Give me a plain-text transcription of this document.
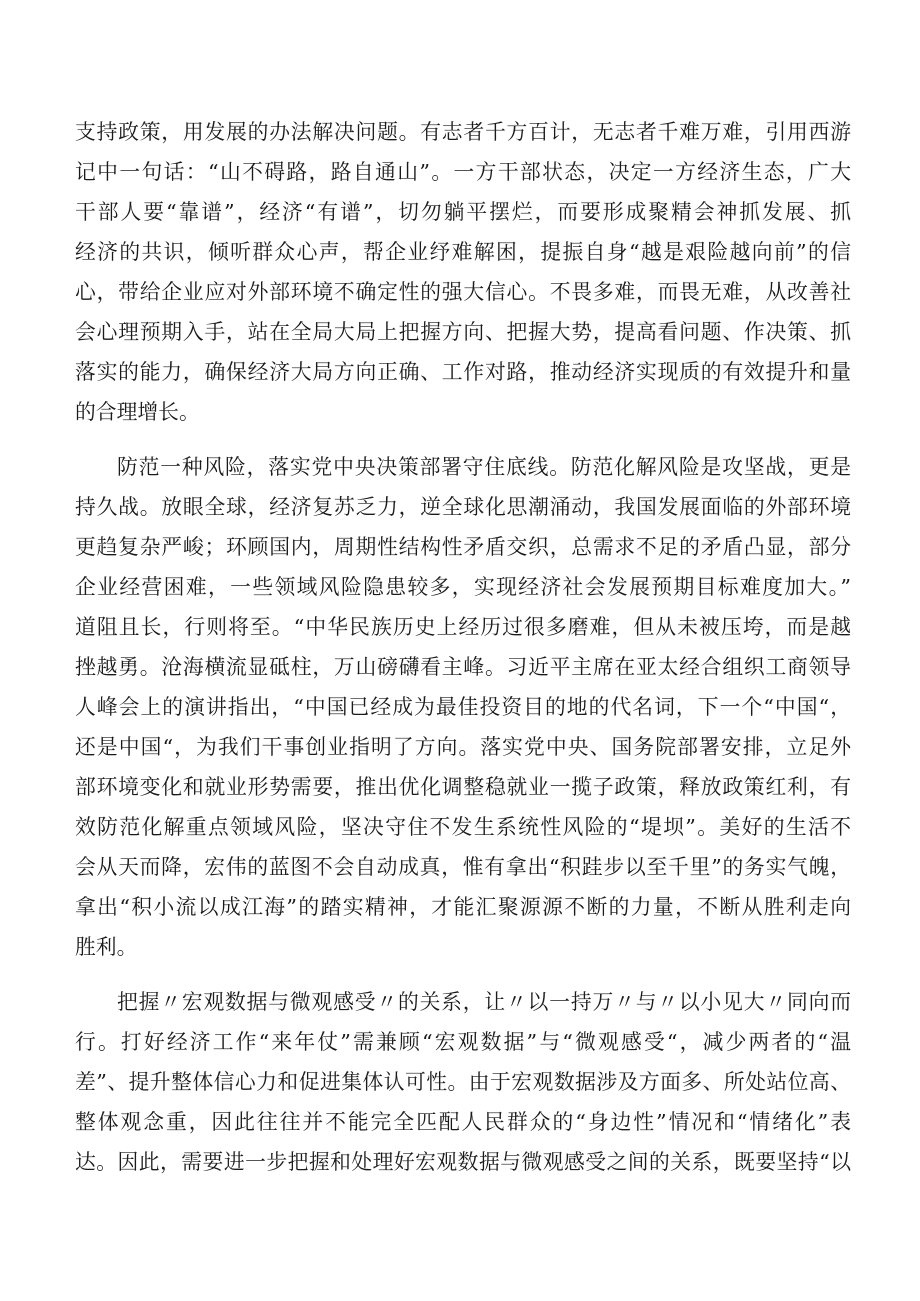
支持政策，用发展的办法解决问题。有志者千方百计，无志者千难万难，引用西游
记中一句话：“山不碍路，路自通山”。一方干部状态，决定一方经济生态，广大
干部人要“靠谱”，经济“有谱”，切勿躺平摆烂，而要形成聚精会神抓发展、抓
经济的共识，倾听群众心声，帮企业纾难解困，提振自身“越是艰险越向前”的信
心，带给企业应对外部环境不确定性的强大信心。不畏多难，而畏无难，从改善社
会心理预期入手，站在全局大局上把握方向、把握大势，提高看问题、作决策、抓
落实的能力，确保经济大局方向正确、工作对路，推动经济实现质的有效提升和量
的合理增长。
防范一种风险，落实党中央决策部署守住底线。防范化解风险是攻坚战，更是
持久战。放眼全球，经济复苏乏力，逆全球化思潮涌动，我国发展面临的外部环境
更趋复杂严峻；环顾国内，周期性结构性矛盾交织，总需求不足的矛盾凸显，部分
企业经营困难，一些领域风险隐患较多，实现经济社会发展预期目标难度加大。”
道阻且长，行则将至。“中华民族历史上经历过很多磨难，但从未被压垮，而是越
挫越勇。沧海横流显砥柱，万山磅礴看主峰。习近平主席在亚太经合组织工商领导
人峰会上的演讲指出，“中国已经成为最佳投资目的地的代名词，下一个“中国“，
还是中国“，为我们干事创业指明了方向。落实党中央、国务院部署安排，立足外
部环境变化和就业形势需要，推出优化调整稳就业一揽子政策，释放政策红利，有
效防范化解重点领域风险，坚决守住不发生系统性风险的“堤坝”。美好的生活不
会从天而降，宏伟的蓝图不会自动成真，惟有拿出“积跬步以至千里”的务实气魄，
拿出“积小流以成江海”的踏实精神，才能汇聚源源不断的力量，不断从胜利走向
胜利。
把握〃宏观数据与微观感受〃的关系，让〃以一持万〃与〃以小见大〃同向而
行。打好经济工作“来年仗”需兼顾“宏观数据”与“微观感受“，减少两者的“温
差”、提升整体信心力和促进集体认可性。由于宏观数据涉及方面多、所处站位高、
整体观念重，因此往往并不能完全匹配人民群众的“身边性”情况和“情绪化”表
达。因此，需要进一步把握和处理好宏观数据与微观感受之间的关系，既要坚持“以
